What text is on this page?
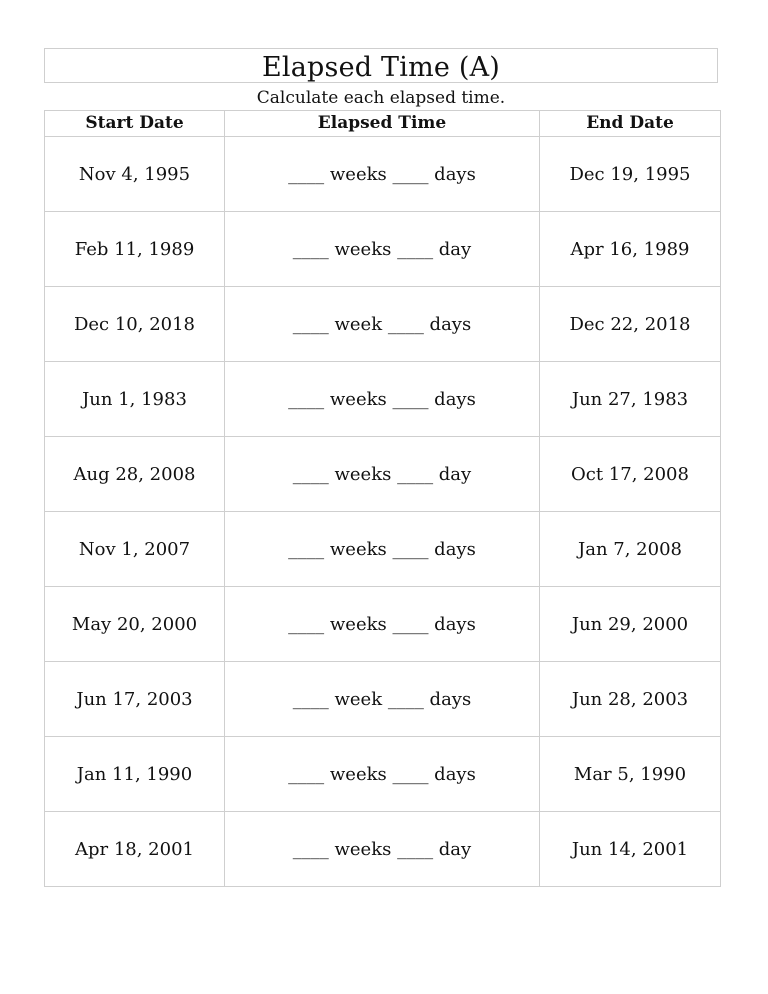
Elapsed Time (A)
Calculate each elapsed time.
Start Date	Elapsed Time	End Date
Nov 4, 1995	____ weeks ____ days	Dec 19, 1995
Feb 11, 1989	____ weeks ____ day	Apr 16, 1989
Dec 10, 2018	____ week ____ days	Dec 22, 2018
Jun 1, 1983	____ weeks ____ days	Jun 27, 1983
Aug 28, 2008	____ weeks ____ day	Oct 17, 2008
Nov 1, 2007	____ weeks ____ days	Jan 7, 2008
May 20, 2000	____ weeks ____ days	Jun 29, 2000
Jun 17, 2003	____ week ____ days	Jun 28, 2003
Jan 11, 1990	____ weeks ____ days	Mar 5, 1990
Apr 18, 2001	____ weeks ____ day	Jun 14, 2001
